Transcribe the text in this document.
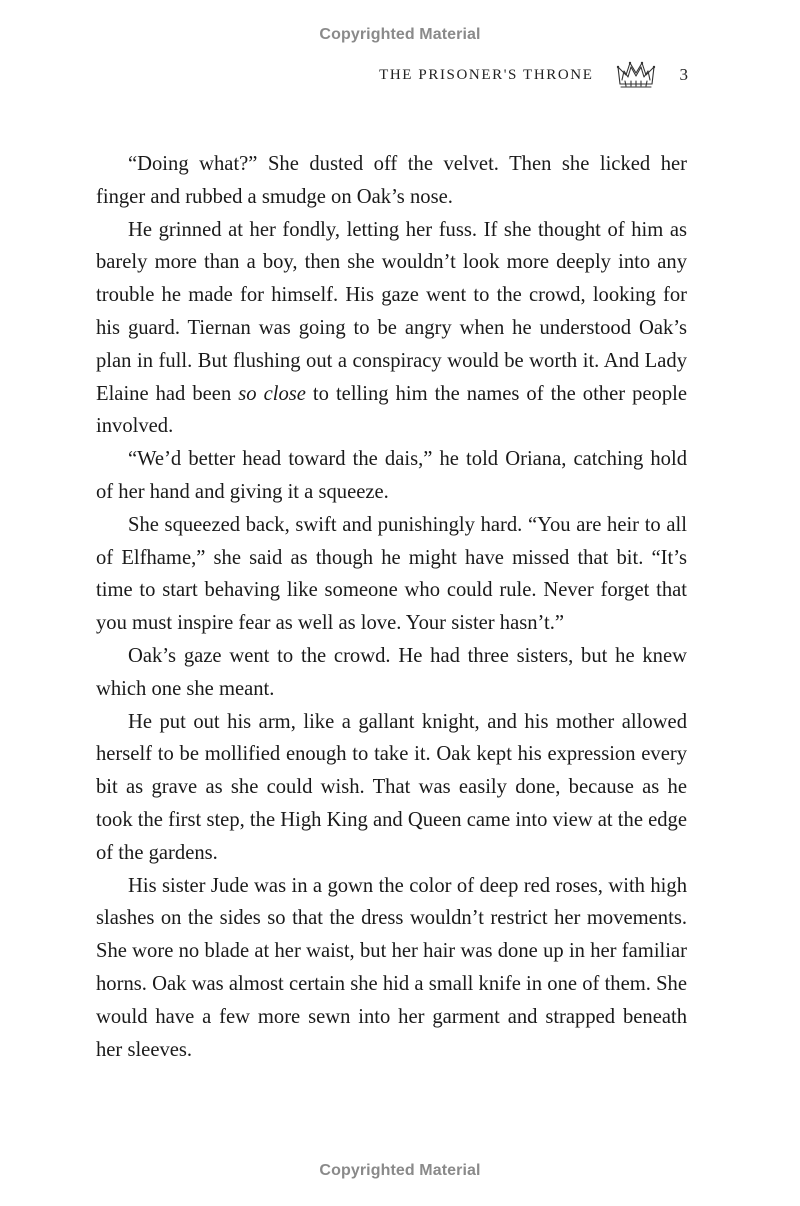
Copyrighted Material
THE PRISONER'S THRONE	3

“Doing what?” She dusted off the velvet. Then she licked her finger and rubbed a smudge on Oak’s nose.

He grinned at her fondly, letting her fuss. If she thought of him as barely more than a boy, then she wouldn’t look more deeply into any trouble he made for himself. His gaze went to the crowd, looking for his guard. Tiernan was going to be angry when he understood Oak’s plan in full. But flushing out a conspiracy would be worth it. And Lady Elaine had been so close to telling him the names of the other people involved.

“We’d better head toward the dais,” he told Oriana, catching hold of her hand and giving it a squeeze.

She squeezed back, swift and punishingly hard. “You are heir to all of Elfhame,” she said as though he might have missed that bit. “It’s time to start behaving like someone who could rule. Never forget that you must inspire fear as well as love. Your sister hasn’t.”

Oak’s gaze went to the crowd. He had three sisters, but he knew which one she meant.

He put out his arm, like a gallant knight, and his mother allowed herself to be mollified enough to take it. Oak kept his expression every bit as grave as she could wish. That was easily done, because as he took the first step, the High King and Queen came into view at the edge of the gardens.

His sister Jude was in a gown the color of deep red roses, with high slashes on the sides so that the dress wouldn’t restrict her movements. She wore no blade at her waist, but her hair was done up in her familiar horns. Oak was almost certain she hid a small knife in one of them. She would have a few more sewn into her garment and strapped beneath her sleeves.

Copyrighted Material
